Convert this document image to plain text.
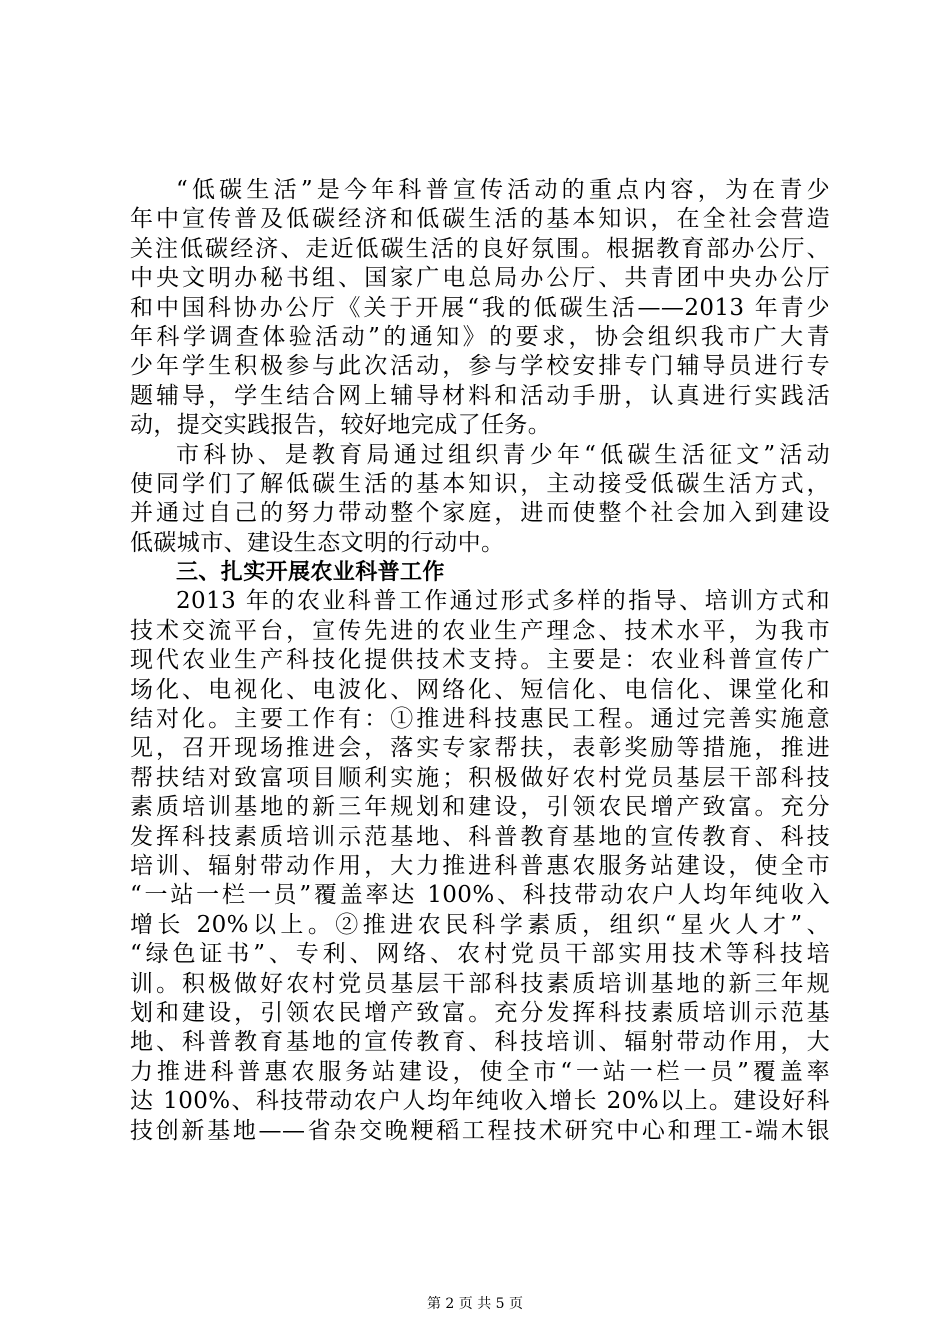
“低碳生活”是今年科普宣传活动的重点内容，为在青少
年中宣传普及低碳经济和低碳生活的基本知识，在全社会营造
关注低碳经济、走近低碳生活的良好氛围。根据教育部办公厅、
中央文明办秘书组、国家广电总局办公厅、共青团中央办公厅
和中国科协办公厅《关于开展“我的低碳生活——2013 年青少
年科学调查体验活动”的通知》的要求，协会组织我市广大青
少年学生积极参与此次活动，参与学校安排专门辅导员进行专
题辅导，学生结合网上辅导材料和活动手册，认真进行实践活
动，提交实践报告，较好地完成了任务。
市科协、是教育局通过组织青少年“低碳生活征文”活动
使同学们了解低碳生活的基本知识，主动接受低碳生活方式，
并通过自己的努力带动整个家庭，进而使整个社会加入到建设
低碳城市、建设生态文明的行动中。
三、扎实开展农业科普工作
2013 年的农业科普工作通过形式多样的指导、培训方式和
技术交流平台，宣传先进的农业生产理念、技术水平，为我市
现代农业生产科技化提供技术支持。主要是：农业科普宣传广
场化、电视化、电波化、网络化、短信化、电信化、课堂化和
结对化。主要工作有：①推进科技惠民工程。通过完善实施意
见，召开现场推进会，落实专家帮扶，表彰奖励等措施，推进
帮扶结对致富项目顺利实施；积极做好农村党员基层干部科技
素质培训基地的新三年规划和建设，引领农民增产致富。充分
发挥科技素质培训示范基地、科普教育基地的宣传教育、科技
培训、辐射带动作用，大力推进科普惠农服务站建设，使全市
“一站一栏一员”覆盖率达 100%、科技带动农户人均年纯收入
增长 20%以上。②推进农民科学素质，组织“星火人才”、
“绿色证书”、专利、网络、农村党员干部实用技术等科技培
训。积极做好农村党员基层干部科技素质培训基地的新三年规
划和建设，引领农民增产致富。充分发挥科技素质培训示范基
地、科普教育基地的宣传教育、科技培训、辐射带动作用，大
力推进科普惠农服务站建设，使全市“一站一栏一员”覆盖率
达 100%、科技带动农户人均年纯收入增长 20%以上。建设好科
技创新基地——省杂交晚粳稻工程技术研究中心和理工-端木银
第 2 页 共 5 页
